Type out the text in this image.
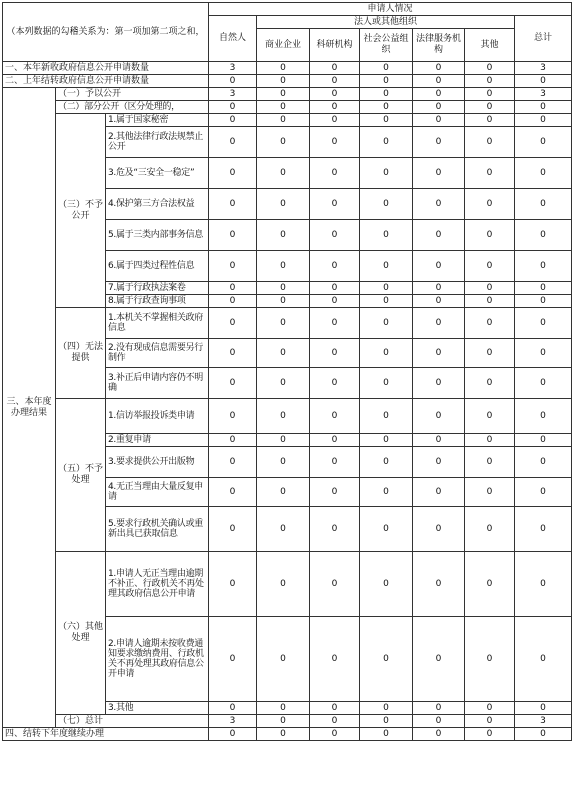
（本列数据的勾稽关系为：第一项加第二项之和，			申请人情况						
			自然人	法人或其他组织					总计
				商业企业	科研机构	社会公益组织	法律服务机构	其他	
一、本年新收政府信息公开申请数量			3	0	0	0	0	0	3
二、上年结转政府信息公开申请数量			0	0	0	0	0	0	0
三、本年度办理结果	（一）予以公开		3	0	0	0	0	0	3
	（二）部分公开（区分处理的，		0	0	0	0	0	0	0
	（三）不予公开	1.属于国家秘密	0	0	0	0	0	0	0
		2.其他法律行政法规禁止公开	0	0	0	0	0	0	0
		3.危及“三安全一稳定”	0	0	0	0	0	0	0
		4.保护第三方合法权益	0	0	0	0	0	0	0
		5.属于三类内部事务信息	0	0	0	0	0	0	0
		6.属于四类过程性信息	0	0	0	0	0	0	0
		7.属于行政执法案卷	0	0	0	0	0	0	0
		8.属于行政查询事项	0	0	0	0	0	0	0
	（四）无法提供	1.本机关不掌握相关政府信息	0	0	0	0	0	0	0
		2.没有现成信息需要另行制作	0	0	0	0	0	0	0
		3.补正后申请内容仍不明确	0	0	0	0	0	0	0
	（五）不予处理	1.信访举报投诉类申请	0	0	0	0	0	0	0
		2.重复申请	0	0	0	0	0	0	0
		3.要求提供公开出版物	0	0	0	0	0	0	0
		4.无正当理由大量反复申请	0	0	0	0	0	0	0
		5.要求行政机关确认或重新出具已获取信息	0	0	0	0	0	0	0
	（六）其他处理	1.申请人无正当理由逾期不补正、行政机关不再处理其政府信息公开申请	0	0	0	0	0	0	0
		2.申请人逾期未按收费通知要求缴纳费用、行政机关不再处理其政府信息公开申请	0	0	0	0	0	0	0
		3.其他	0	0	0	0	0	0	0
	（七）总计		3	0	0	0	0	0	3
四、结转下年度继续办理			0	0	0	0	0	0	0
